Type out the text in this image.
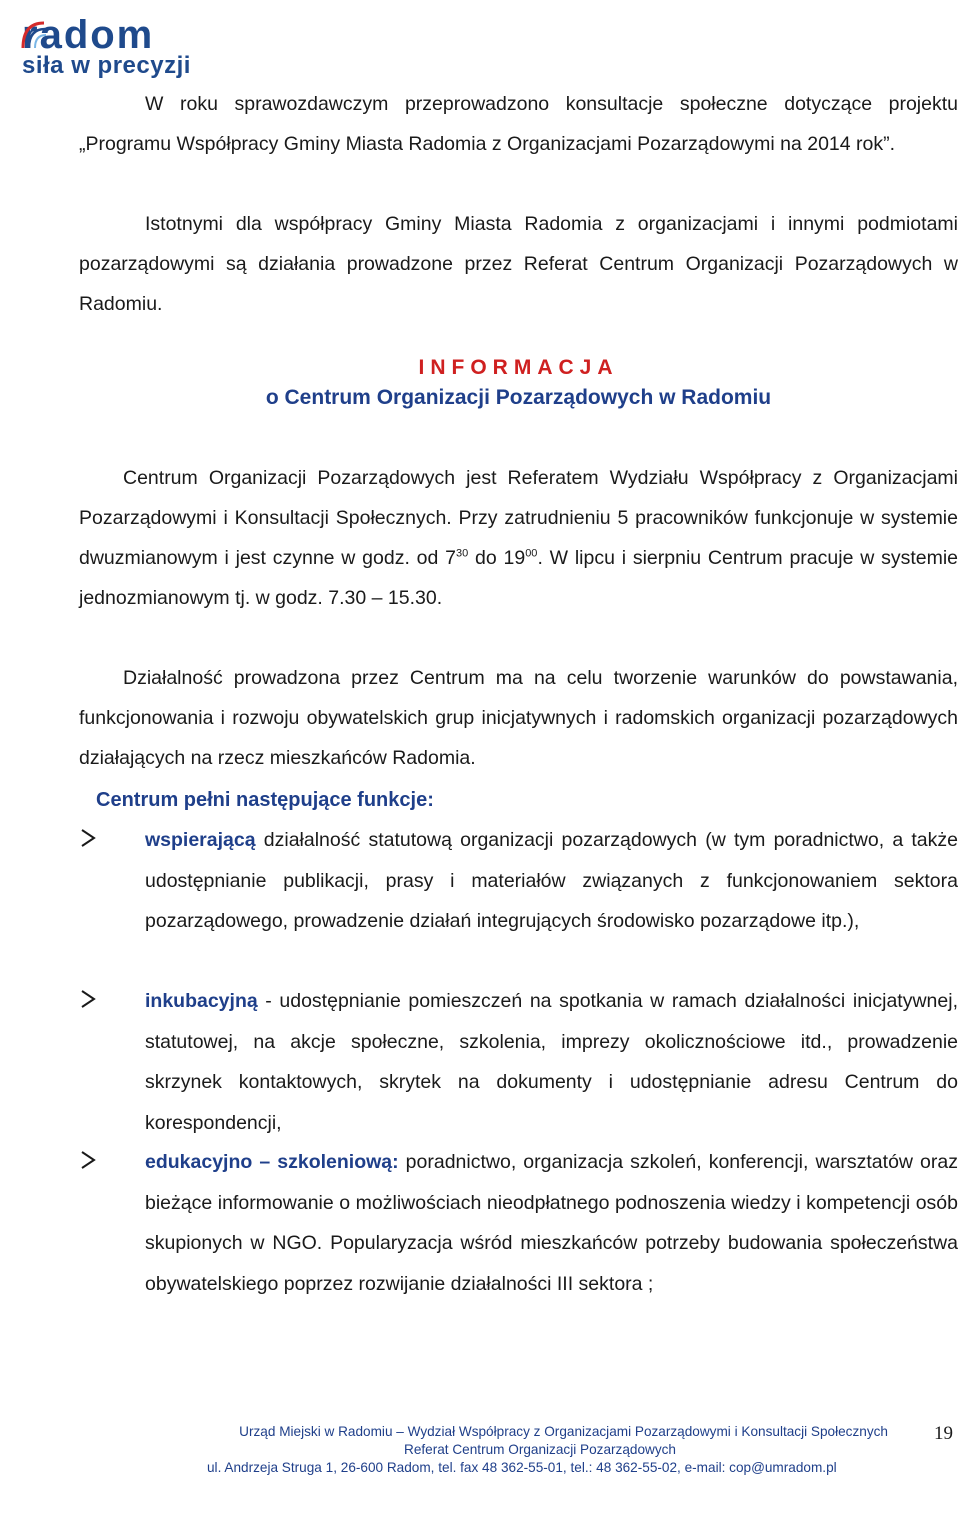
radom
siła w precyzji
W roku sprawozdawczym przeprowadzono konsultacje społeczne dotyczące projektu „Programu Współpracy Gminy Miasta Radomia z Organizacjami Pozarządowymi na 2014 rok”.
Istotnymi dla współpracy Gminy Miasta Radomia z organizacjami i innymi podmiotami pozarządowymi są działania prowadzone przez Referat Centrum Organizacji Pozarządowych w Radomiu.
INFORMACJA
o Centrum Organizacji Pozarządowych w Radomiu
Centrum Organizacji Pozarządowych jest Referatem Wydziału Współpracy z Organizacjami Pozarządowymi i Konsultacji Społecznych. Przy zatrudnieniu 5 pracowników funkcjonuje w systemie dwuzmianowym i jest czynne w godz. od $7^{30}$ do $19^{00}$. W lipcu i sierpniu Centrum pracuje w systemie jednozmianowym tj. w godz. 7.30 – 15.30.
Działalność prowadzona przez Centrum ma na celu tworzenie warunków do powstawania, funkcjonowania i rozwoju obywatelskich grup inicjatywnych i radomskich organizacji pozarządowych działających na rzecz mieszkańców Radomia.
Centrum pełni następujące funkcje:
wspierającą działalność statutową organizacji pozarządowych (w tym poradnictwo, a także udostępnianie publikacji, prasy i materiałów związanych z funkcjonowaniem sektora pozarządowego, prowadzenie działań integrujących środowisko pozarządowe itp.),
inkubacyjną - udostępnianie pomieszczeń na spotkania w ramach działalności inicjatywnej, statutowej, na akcje społeczne, szkolenia, imprezy okolicznościowe itd., prowadzenie skrzynek kontaktowych, skrytek na dokumenty i udostępnianie adresu Centrum do korespondencji,
edukacyjno – szkoleniową: poradnictwo, organizacja szkoleń, konferencji, warsztatów oraz bieżące informowanie o możliwościach nieodpłatnego podnoszenia wiedzy i kompetencji osób skupionych w NGO. Popularyzacja wśród mieszkańców potrzeby budowania społeczeństwa obywatelskiego poprzez rozwijanie działalności III sektora ;
Urząd Miejski w Radomiu – Wydział Współpracy z Organizacjami Pozarządowymi i Konsultacji Społecznych
Referat Centrum Organizacji Pozarządowych
ul. Andrzeja Struga 1, 26-600 Radom, tel. fax 48 362-55-01, tel.: 48 362-55-02, e-mail: cop@umradom.pl
19
